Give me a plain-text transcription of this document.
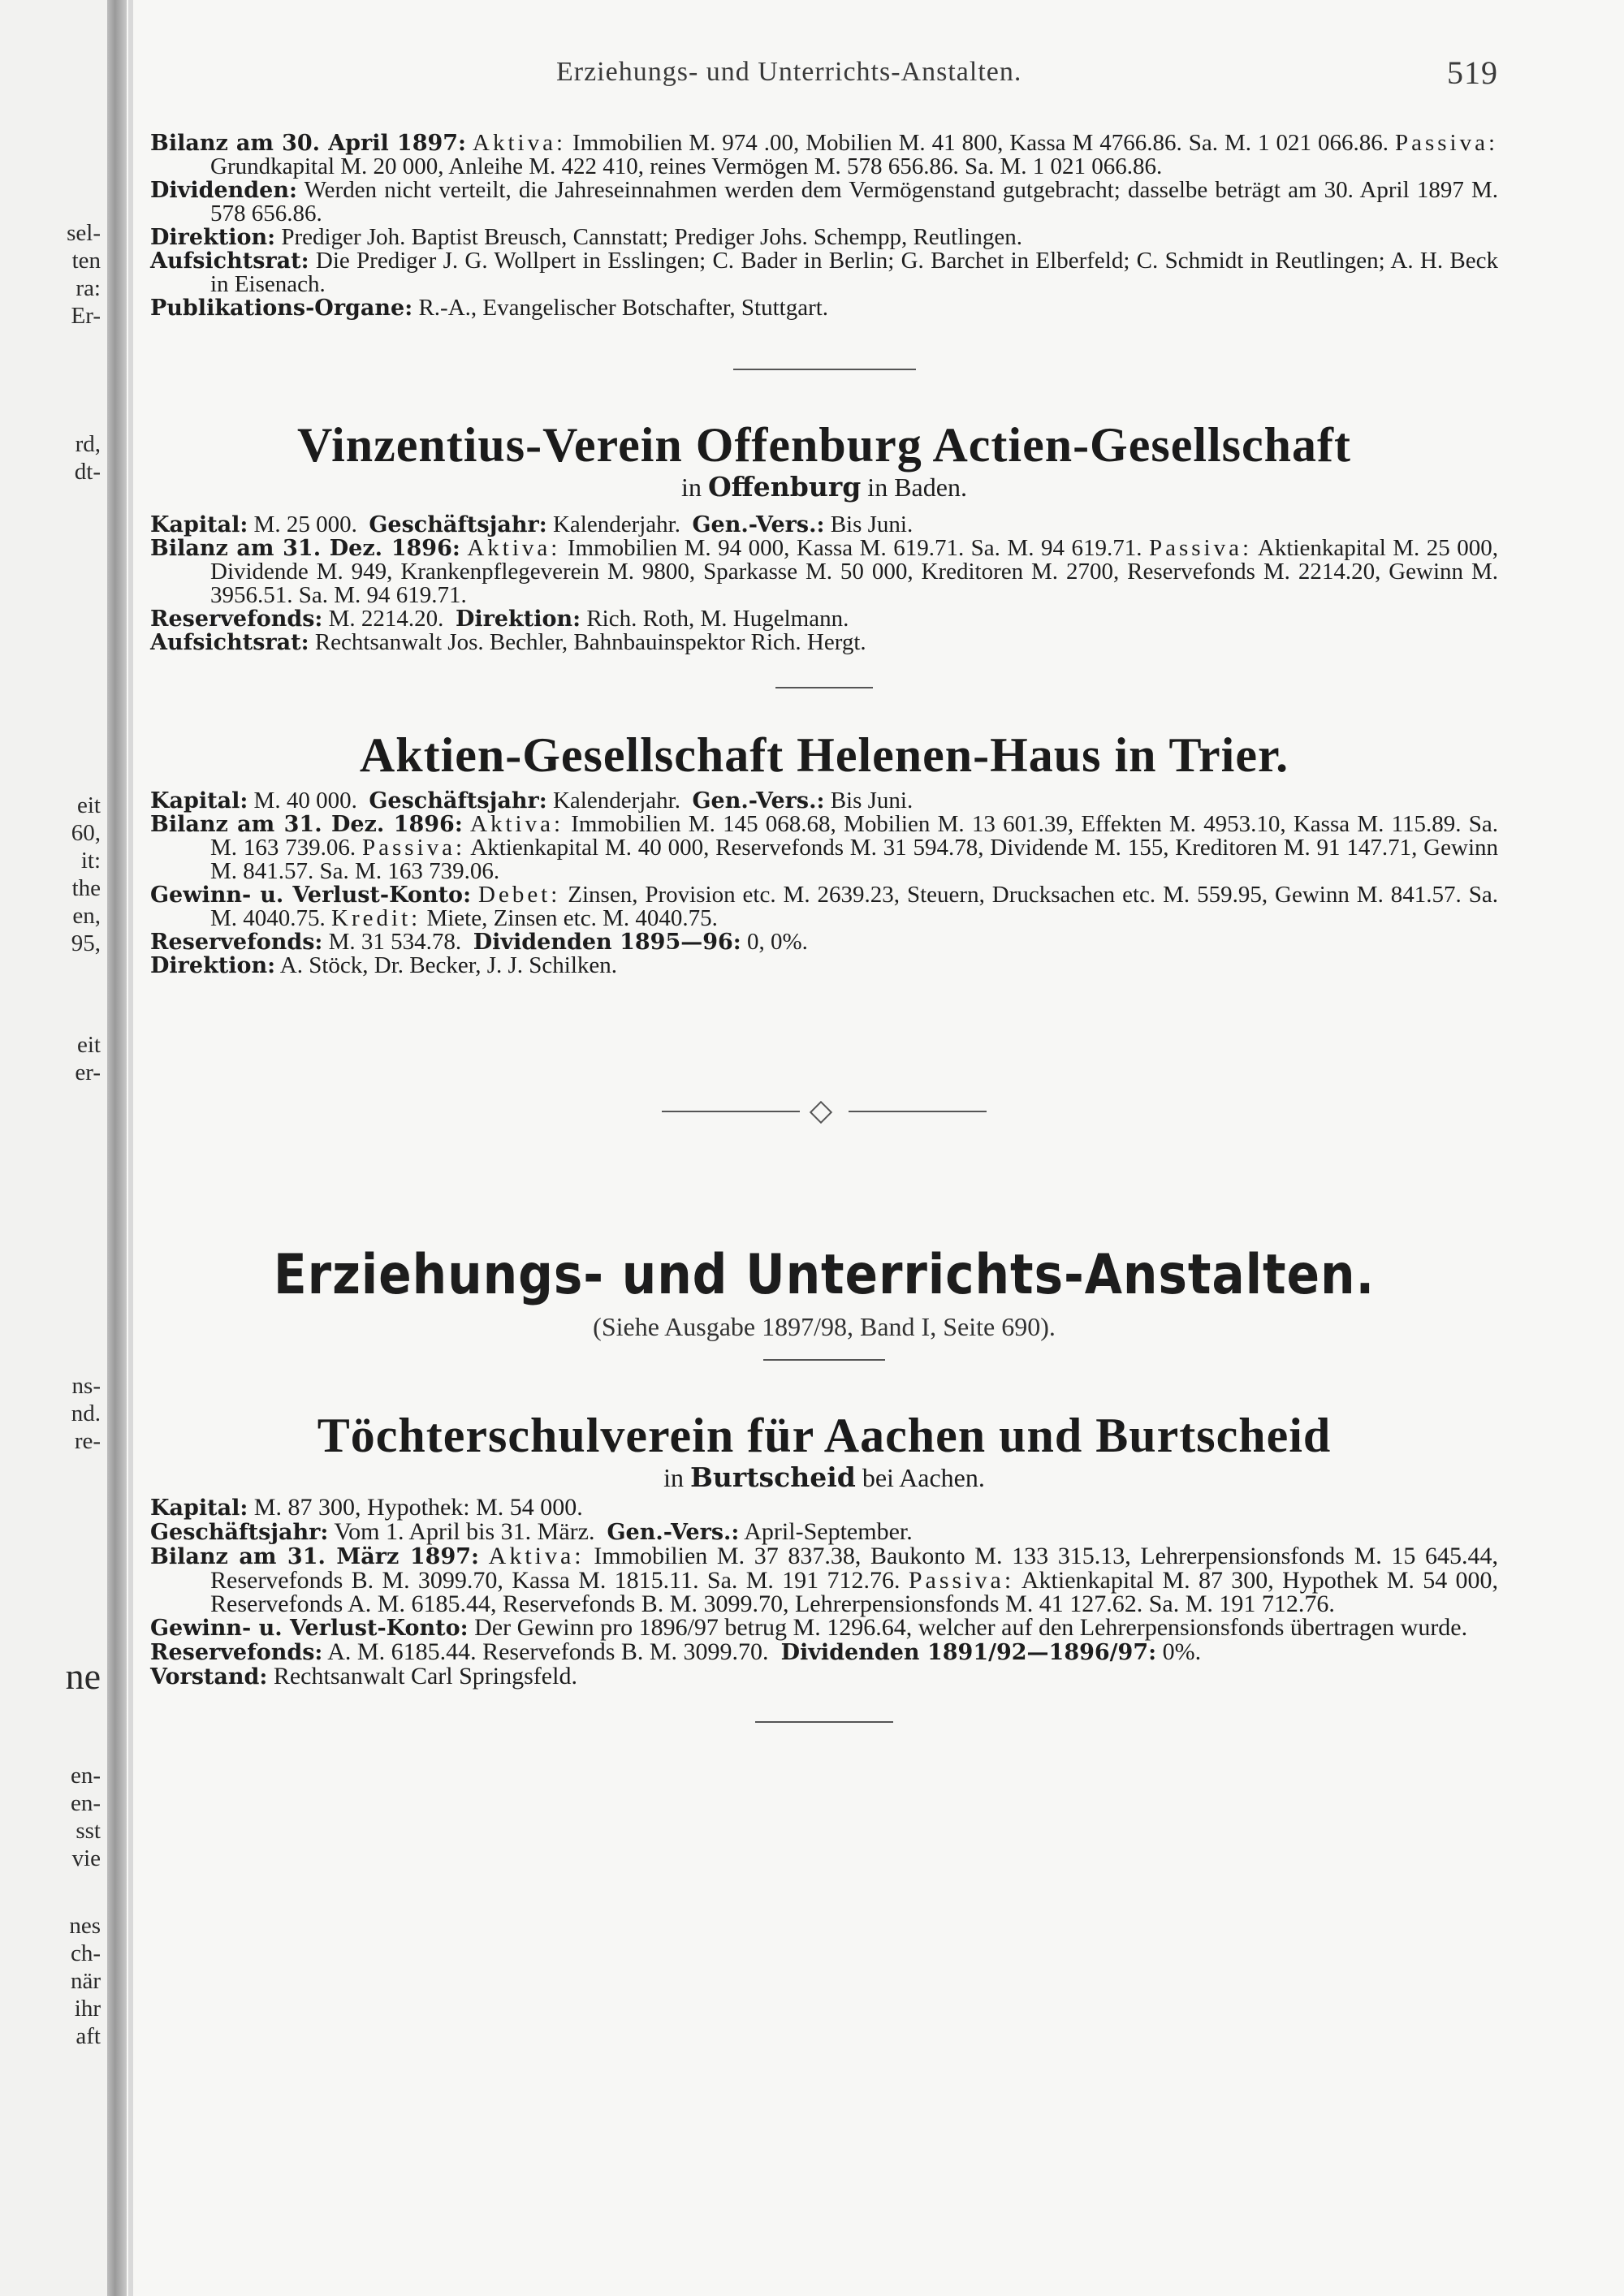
sel-
ten
ra:
Er-
rd,
dt-
eit
60,
it:
the
en,
95,
eit
er-
ns-
nd.
re-
ne
en-
en-
sst
vie
nes
ch-
när
ihr
aft
Erziehungs- und Unterrichts-Anstalten.	519

Bilanz am 30. April 1897: Aktiva: Immobilien M. 974 .00, Mobilien M. 41 800, Kassa M 4766.86. Sa. M. 1 021 066.86. Passiva: Grundkapital M. 20 000, Anleihe M. 422 410, reines Vermögen M. 578 656.86. Sa. M. 1 021 066.86.

Dividenden: Werden nicht verteilt, die Jahreseinnahmen werden dem Vermögenstand gutgebracht; dasselbe beträgt am 30. April 1897 M. 578 656.86.

Direktion: Prediger Joh. Baptist Breusch, Cannstatt; Prediger Johs. Schempp, Reutlingen.

Aufsichtsrat: Die Prediger J. G. Wollpert in Esslingen; C. Bader in Berlin; G. Barchet in Elberfeld; C. Schmidt in Reutlingen; A. H. Beck in Eisenach.

Publikations-Organe: R.-A., Evangelischer Botschafter, Stuttgart.

Vinzentius-Verein Offenburg Actien-Gesellschaft
in Offenburg in Baden.

Kapital: M. 25 000. Geschäftsjahr: Kalenderjahr. Gen.-Vers.: Bis Juni.

Bilanz am 31. Dez. 1896: Aktiva: Immobilien M. 94 000, Kassa M. 619.71. Sa. M. 94 619.71. Passiva: Aktienkapital M. 25 000, Dividende M. 949, Krankenpflegeverein M. 9800, Sparkasse M. 50 000, Kreditoren M. 2700, Reservefonds M. 2214.20, Gewinn M. 3956.51. Sa. M. 94 619.71.

Reservefonds: M. 2214.20. Direktion: Rich. Roth, M. Hugelmann.

Aufsichtsrat: Rechtsanwalt Jos. Bechler, Bahnbauinspektor Rich. Hergt.

Aktien-Gesellschaft Helenen-Haus in Trier.

Kapital: M. 40 000. Geschäftsjahr: Kalenderjahr. Gen.-Vers.: Bis Juni.

Bilanz am 31. Dez. 1896: Aktiva: Immobilien M. 145 068.68, Mobilien M. 13 601.39, Effekten M. 4953.10, Kassa M. 115.89. Sa. M. 163 739.06. Passiva: Aktienkapital M. 40 000, Reservefonds M. 31 594.78, Dividende M. 155, Kreditoren M. 91 147.71, Gewinn M. 841.57. Sa. M. 163 739.06.

Gewinn- u. Verlust-Konto: Debet: Zinsen, Provision etc. M. 2639.23, Steuern, Drucksachen etc. M. 559.95, Gewinn M. 841.57. Sa. M. 4040.75. Kredit: Miete, Zinsen etc. M. 4040.75.

Reservefonds: M. 31 534.78. Dividenden 1895—96: 0, 0%.

Direktion: A. Stöck, Dr. Becker, J. J. Schilken.

Erziehungs- und Unterrichts-Anstalten.
(Siehe Ausgabe 1897/98, Band I, Seite 690).
Töchterschulverein für Aachen und Burtscheid
in Burtscheid bei Aachen.

Kapital: M. 87 300, Hypothek: M. 54 000.

Geschäftsjahr: Vom 1. April bis 31. März. Gen.-Vers.: April-September.

Bilanz am 31. März 1897: Aktiva: Immobilien M. 37 837.38, Baukonto M. 133 315.13, Lehrerpensionsfonds M. 15 645.44, Reservefonds B. M. 3099.70, Kassa M. 1815.11. Sa. M. 191 712.76. Passiva: Aktienkapital M. 87 300, Hypothek M. 54 000, Reservefonds A. M. 6185.44, Reservefonds B. M. 3099.70, Lehrerpensionsfonds M. 41 127.62. Sa. M. 191 712.76.

Gewinn- u. Verlust-Konto: Der Gewinn pro 1896/97 betrug M. 1296.64, welcher auf den Lehrerpensionsfonds übertragen wurde.

Reservefonds: A. M. 6185.44. Reservefonds B. M. 3099.70. Dividenden 1891/92—1896/97: 0%.

Vorstand: Rechtsanwalt Carl Springsfeld.
